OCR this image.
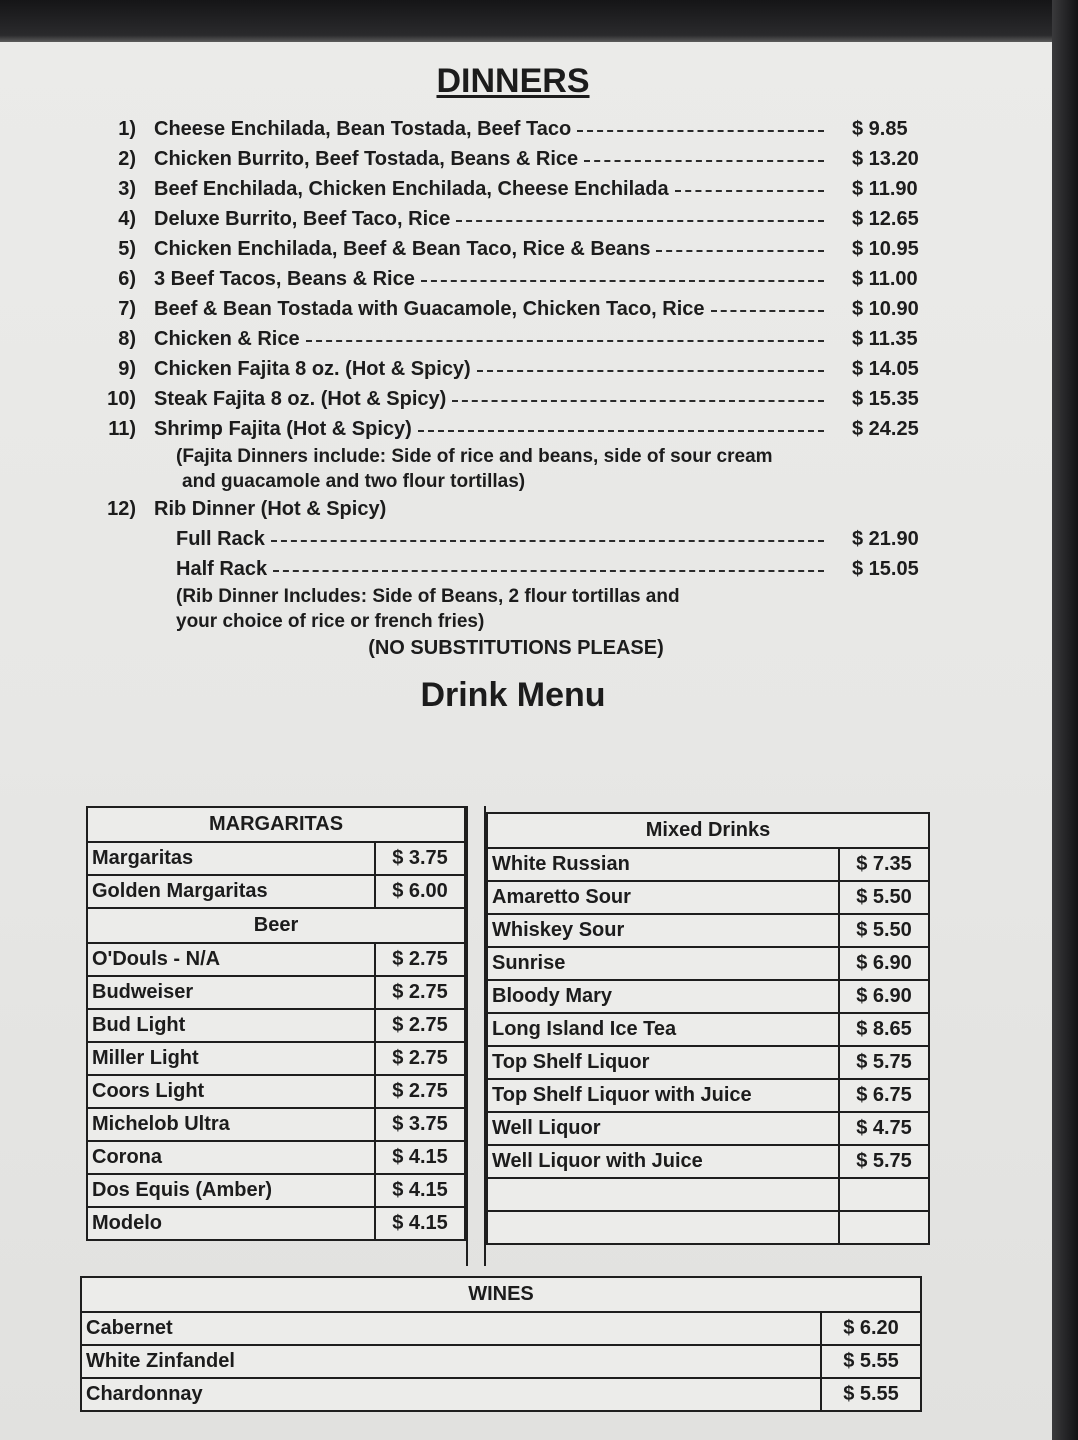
DINNERS
1) Cheese Enchilada, Bean Tostada, Beef Taco	$ 9.85
2) Chicken Burrito, Beef Tostada, Beans & Rice	$ 13.20
3) Beef Enchilada, Chicken Enchilada, Cheese Enchilada	$ 11.90
4) Deluxe Burrito, Beef Taco, Rice	$ 12.65
5) Chicken Enchilada, Beef & Bean Taco, Rice & Beans	$ 10.95
6) 3 Beef Tacos, Beans & Rice	$ 11.00
7) Beef & Bean Tostada with Guacamole, Chicken Taco, Rice	$ 10.90
8) Chicken & Rice	$ 11.35
9) Chicken Fajita 8 oz. (Hot & Spicy)	$ 14.05
10) Steak Fajita 8 oz. (Hot & Spicy)	$ 15.35
11) Shrimp Fajita (Hot & Spicy)	$ 24.25
(Fajita Dinners include: Side of rice and beans, side of sour cream
and guacamole and two flour tortillas)
12) Rib Dinner (Hot & Spicy)
Full Rack	$ 21.90
Half Rack	$ 15.05
(Rib Dinner Includes: Side of Beans, 2 flour tortillas and
your choice of rice or french fries)
(NO SUBSTITUTIONS PLEASE)
Drink Menu
MARGARITAS	
Margaritas	$ 3.75
Golden Margaritas	$ 6.00
Beer	
O'Douls - N/A	$ 2.75
Budweiser	$ 2.75
Bud Light	$ 2.75
Miller Light	$ 2.75
Coors Light	$ 2.75
Michelob Ultra	$ 3.75
Corona	$ 4.15
Dos Equis (Amber)	$ 4.15
Modelo	$ 4.15
Mixed Drinks	
White Russian	$ 7.35
Amaretto Sour	$ 5.50
Whiskey Sour	$ 5.50
Sunrise	$ 6.90
Bloody Mary	$ 6.90
Long Island Ice Tea	$ 8.65
Top Shelf Liquor	$ 5.75
Top Shelf Liquor with Juice	$ 6.75
Well Liquor	$ 4.75
Well Liquor with Juice	$ 5.75

WINES	
Cabernet	$ 6.20
White Zinfandel	$ 5.55
Chardonnay	$ 5.55
